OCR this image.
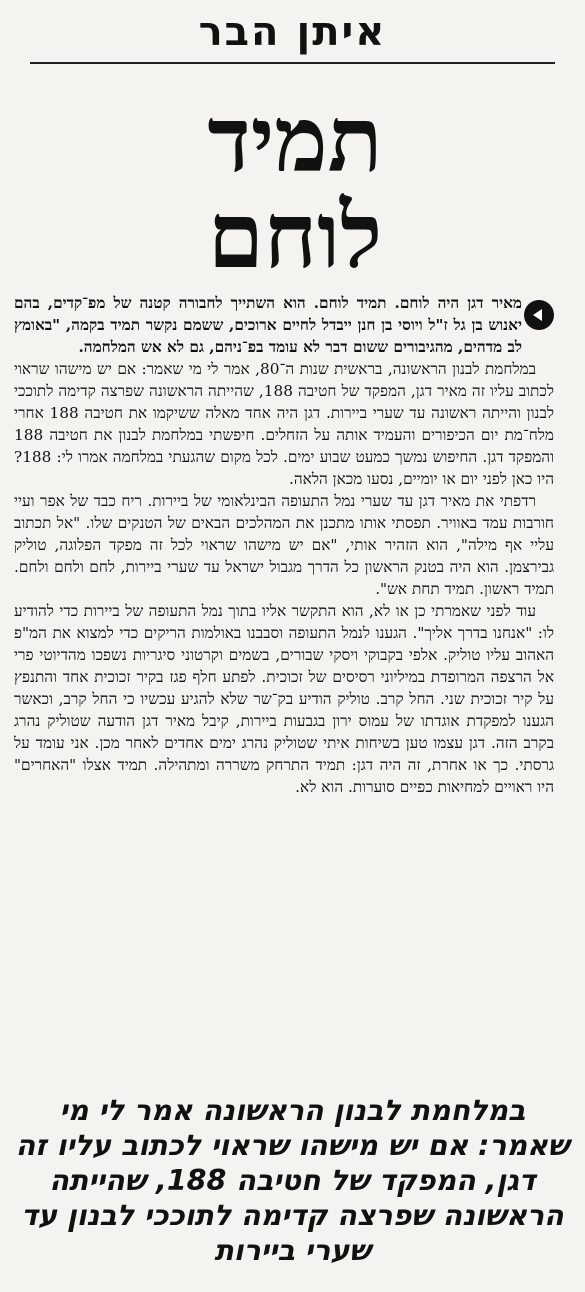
איתן הבר
תמיד
לוחם

מאיר דגן היה לוחם. תמיד לוחם. הוא השתייך לחבורה קטנה של מפ־קדים, בהם יאנוש בן גל ז"ל ויוסי בן חנן ייבדל לחיים ארוכים, ששמם נקשר תמיד בקמה, "באומץ לב מדהים, מהגיבורים ששום דבר לא עומד בפ־ניהם, גם לא אש המלחמה.

במלחמת לבנון הראשונה, בראשית שנות ה־80, אמר לי מי שאמר: אם יש מישהו שראוי לכתוב עליו זה מאיר דגן, המפקד של חטיבה 188, שהייתה הראשונה שפרצה קדימה לתוככי לבנון והייתה ראשונה עד שערי ביירות. דגן היה אחד מאלה ששיקמו את חטיבה 188 אחרי מלח־מת יום הכיפורים והעמיד אותה על הזחלים. חיפשתי במלחמת לבנון את חטיבה 188 והמפקד דגן. החיפוש נמשך כמעט שבוע ימים. לכל מקום שהגעתי במלחמה אמרו לי: 188? היו כאן לפני יום או יומיים, נסעו מכאן הלאה.

רדפתי את מאיר דגן עד שערי נמל התעופה הבינלאומי של ביירות. ריח כבד של אפר ועיי חורבות עמד באוויר. תפסתי אותו מתכנן את המהלכים הבאים של הטנקים שלו. "אל תכתוב עליי אף מילה", הוא הזהיר אותי, "אם יש מישהו שראוי לכל זה מפקד הפלוגה, טוליק גבירצמן. הוא היה בטנק הראשון כל הדרך מגבול ישראל עד שערי ביירות, לחם ולחם ולחם. תמיד ראשון. תמיד תחת אש".

עוד לפני שאמרתי כן או לא, הוא התקשר אליו בתוך נמל התעופה של ביירות כדי להודיע לו: "אנחנו בדרך אליך". הגענו לנמל התעופה וסבבנו באולמות הריקים כדי למצוא את המ"פ האהוב עליו טוליק. אלפי בקבוקי ויסקי שבורים, בשמים וקרטוני סיגריות נשפכו מהדיוטי פרי אל הרצפה המרופדת במיליוני רסיסים של זכוכית. לפתע חלף פגז בקיר זכוכית אחד והתנפץ על קיר זכוכית שני. החל קרב. טוליק הודיע בק־שר שלא להגיע עכשיו כי החל קרב, וכאשר הגענו למפקדת אוגדתו של עמוס ירון בגבעות ביירות, קיבל מאיר דגן הודעה שטוליק נהרג בקרב הזה. דגן עצמו טען בשיחות איתי שטוליק נהרג ימים אחדים לאחר מכן. אני עומד על גרסתי. כך או אחרת, זה היה דגן: תמיד התרחק משררה ומתהילה. תמיד אצלו "האחרים" היו ראויים למחיאות כפיים סוערות. הוא לא.

במלחמת לבנון הראשונה אמר לי מי שאמר: אם יש מישהו שראוי לכתוב עליו זה דגן, המפקד של חטיבה 188, שהייתה הראשונה שפרצה קדימה לתוככי לבנון עד שערי ביירות
